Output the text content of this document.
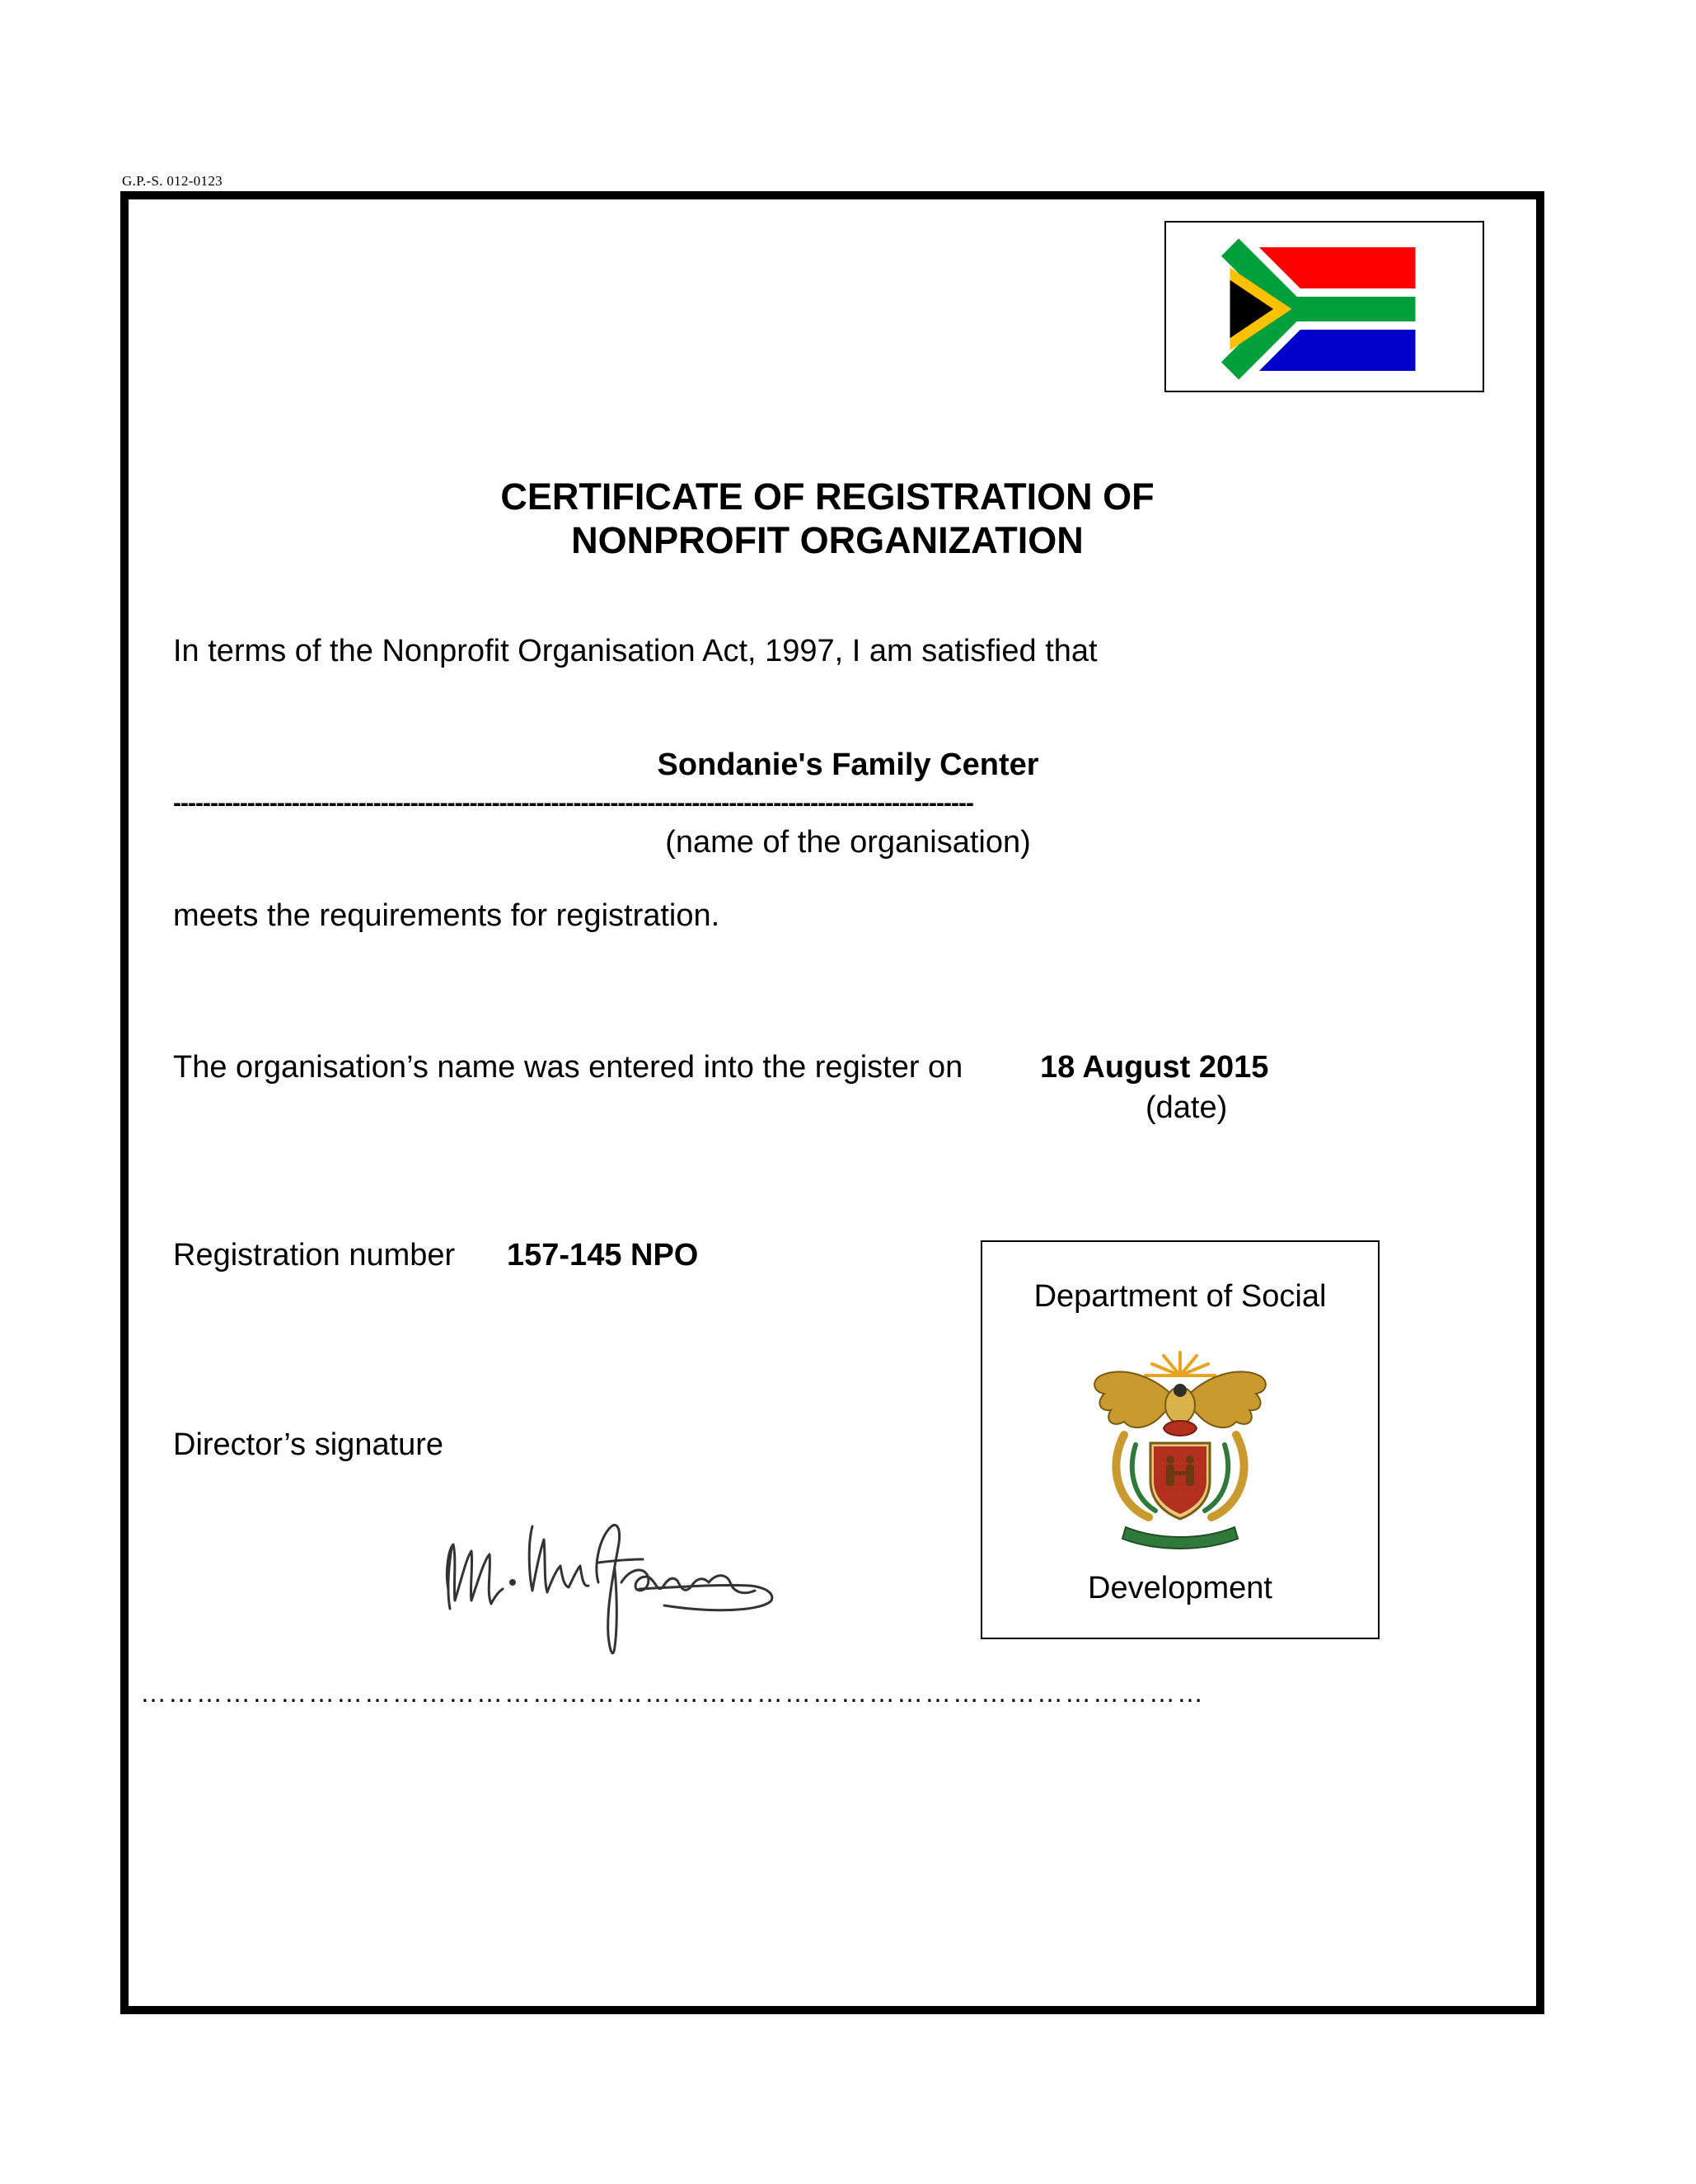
G.P.-S. 012-0123
CERTIFICATE OF REGISTRATION OF
NONPROFIT ORGANIZATION
In terms of the Nonprofit Organisation Act, 1997, I am satisfied that
Sondanie's Family Center
------------------------------------------------------------------------------------------------------------
(name of the organisation)
meets the requirements for registration.
The organisation’s name was entered into the register on 18 August 2015
(date)
Registration number 157-145 NPO
Director’s signature
……………………………………………………………………………………………………
Department of Social
Development
